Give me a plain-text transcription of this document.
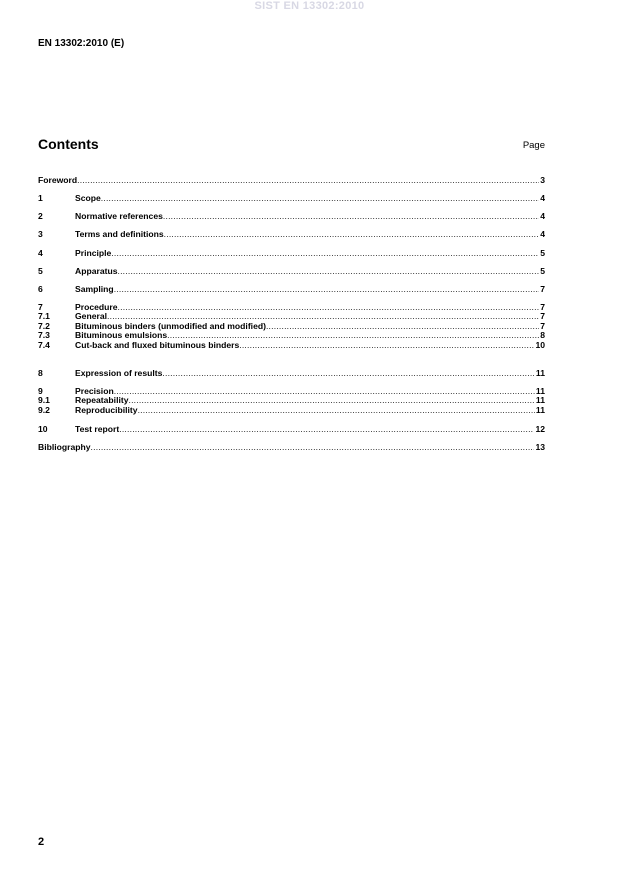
SIST EN 13302:2010
EN 13302:2010 (E)
Contents	Page
Foreword .....	3
1	Scope .....	4
2	Normative references .....	4
3	Terms and definitions .....	4
4	Principle .....	5
5	Apparatus .....	5
6	Sampling .....	7
7	Procedure .....	7
7.1	General .....	7
7.2	Bituminous binders (unmodified and modified) .....	7
7.3	Bituminous emulsions .....	8
7.4	Cut-back and fluxed bituminous binders .....	10
8	Expression of results .....	11
9	Precision .....	11
9.1	Repeatability .....	11
9.2	Reproducibility .....	11
10	Test report .....	12
Bibliography .....	13
2
